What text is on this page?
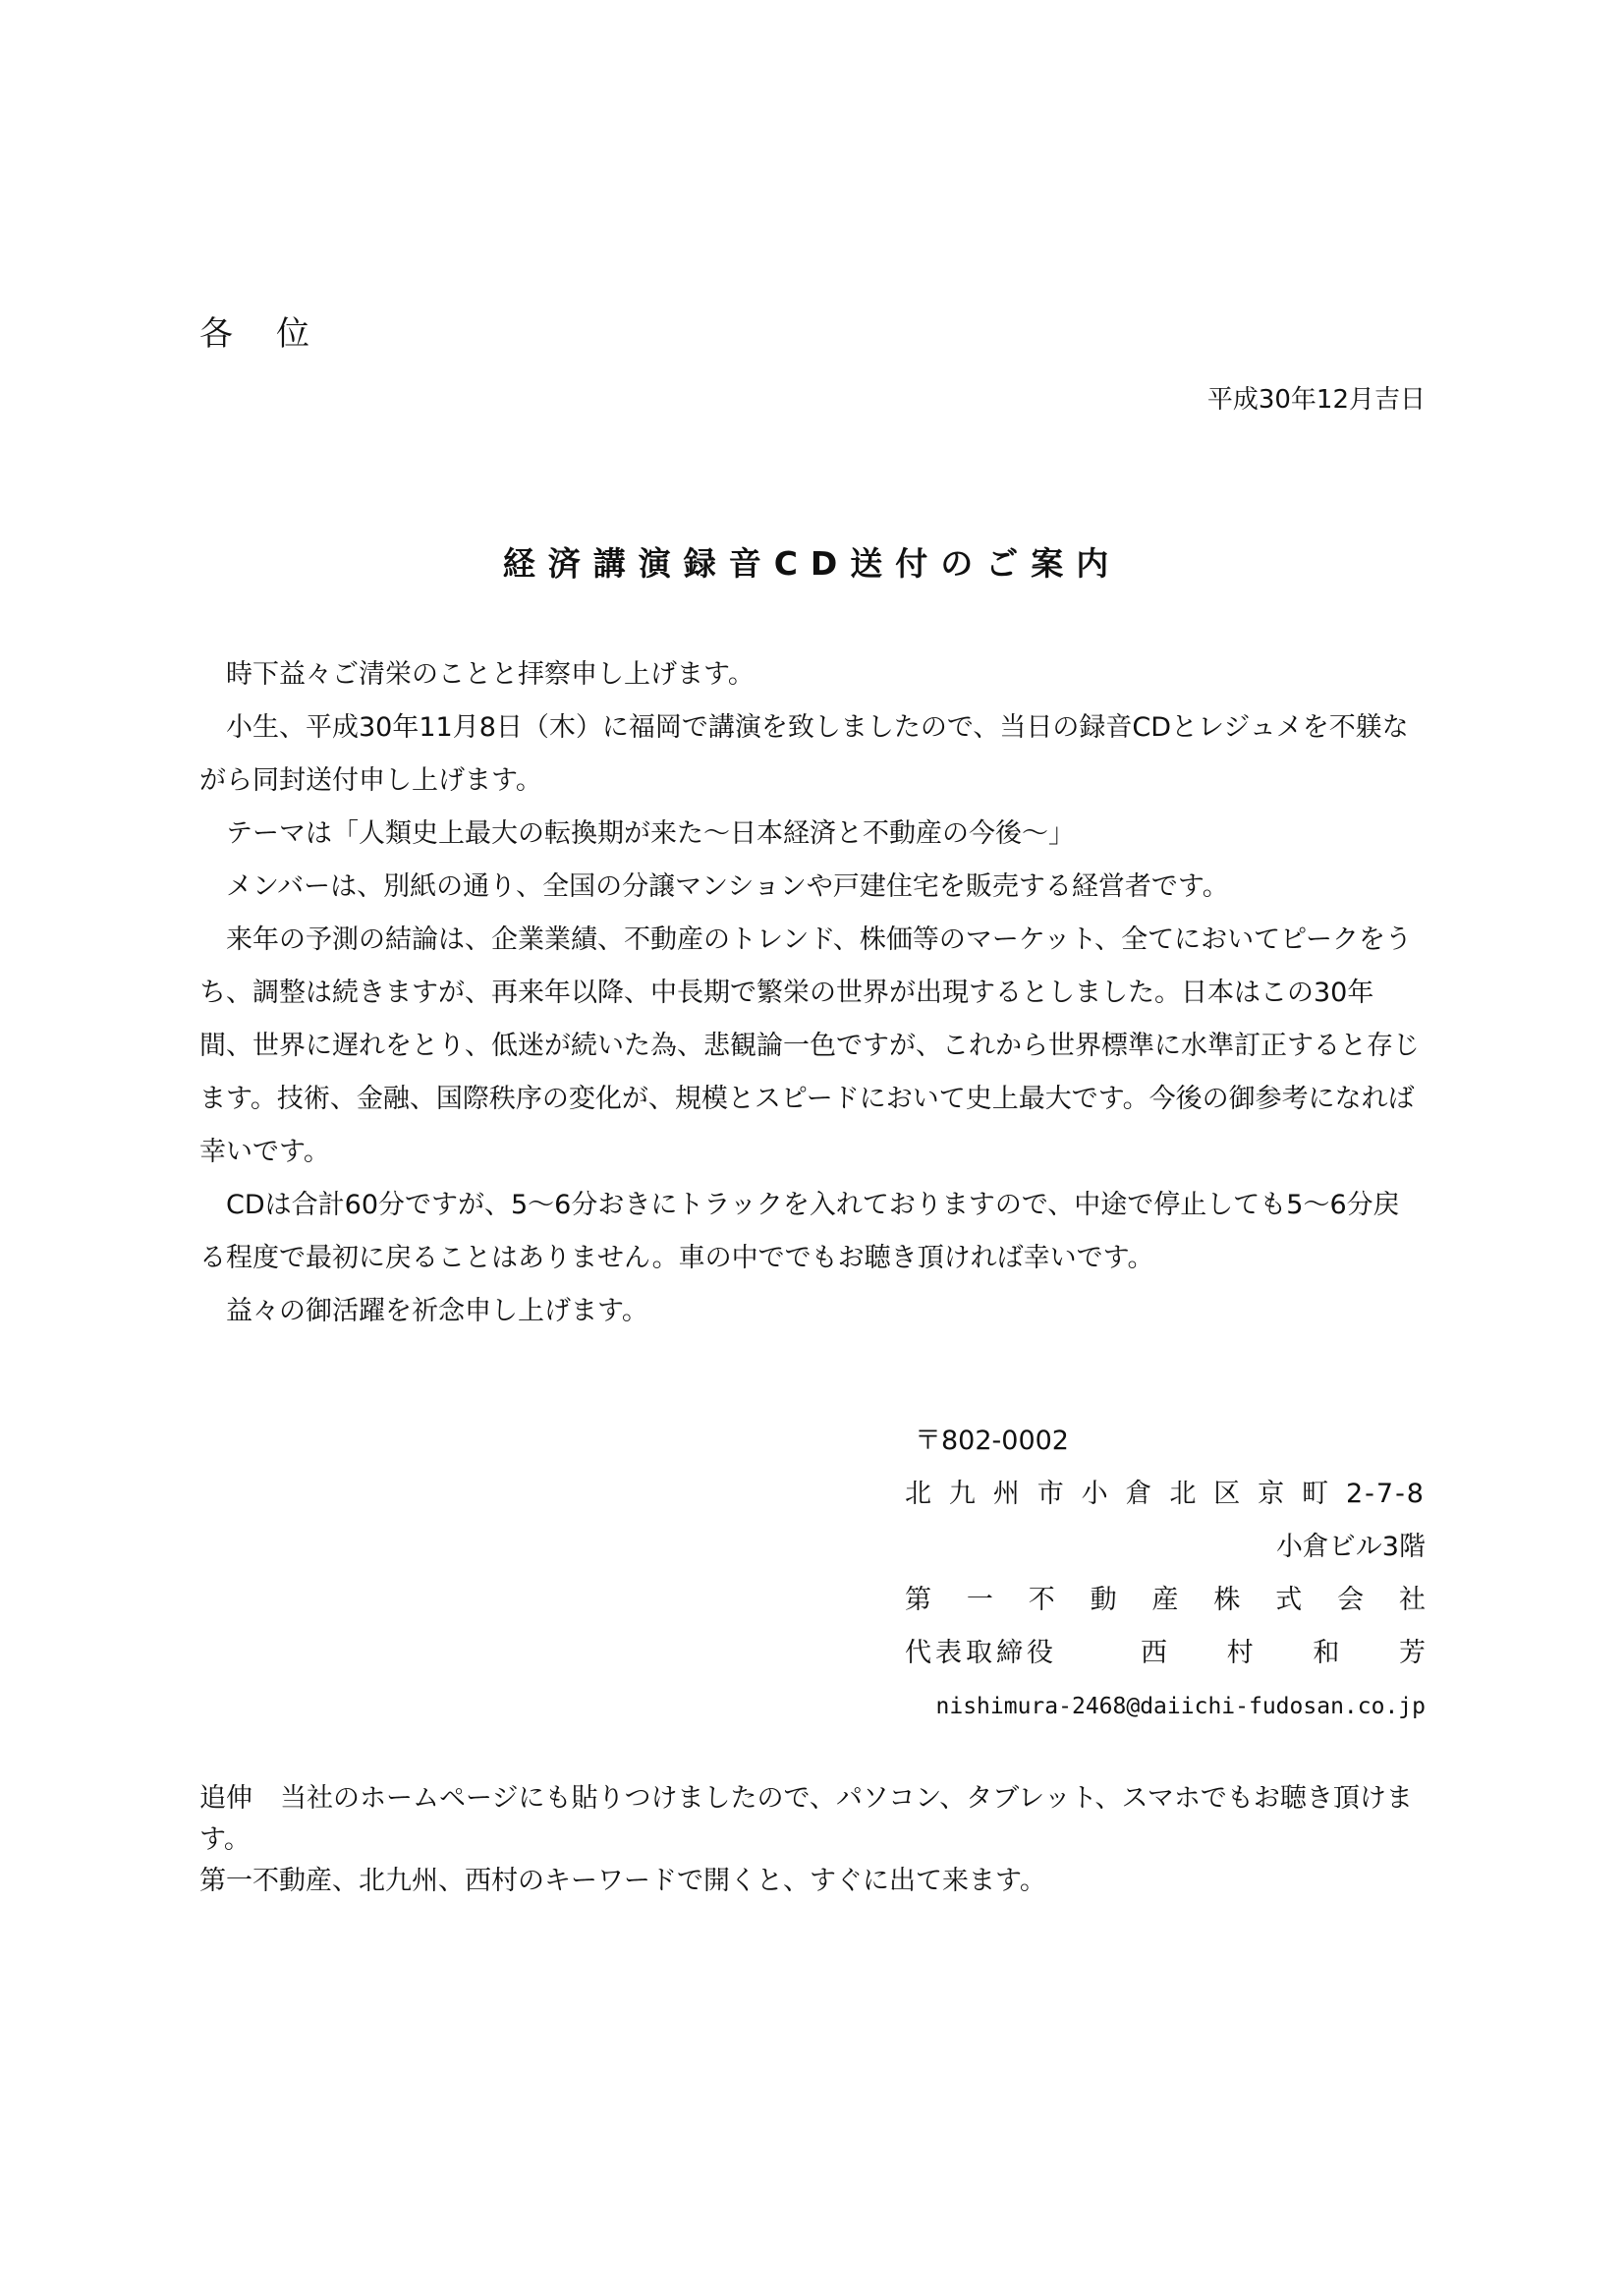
各位
平成30年12月吉日
経済講演録音CD送付のご案内

時下益々ご清栄のことと拝察申し上げます。

小生、平成30年11月8日（木）に福岡で講演を致しましたので、当日の録音CDとレジュメを不躾ながら同封送付申し上げます。

テーマは「人類史上最大の転換期が来た～日本経済と不動産の今後～」

メンバーは、別紙の通り、全国の分譲マンションや戸建住宅を販売する経営者です。

来年の予測の結論は、企業業績、不動産のトレンド、株価等のマーケット、全てにおいてピークをうち、調整は続きますが、再来年以降、中長期で繁栄の世界が出現するとしました。日本はこの30年間、世界に遅れをとり、低迷が続いた為、悲観論一色ですが、これから世界標準に水準訂正すると存じます。技術、金融、国際秩序の変化が、規模とスピードにおいて史上最大です。今後の御参考になれば幸いです。

CDは合計60分ですが、5～6分おきにトラックを入れておりますので、中途で停止しても5～6分戻る程度で最初に戻ることはありません。車の中ででもお聴き頂ければ幸いです。

益々の御活躍を祈念申し上げます。

〒802-0002
北九州市小倉北区京町2-7-8
小倉ビル3階
第一不動産株式会社
代表取締役	西村和芳
nishimura-2468@daiichi-fudosan.co.jp

追伸 当社のホームページにも貼りつけましたので、パソコン、タブレット、スマホでもお聴き頂けます。

第一不動産、北九州、西村のキーワードで開くと、すぐに出て来ます。
